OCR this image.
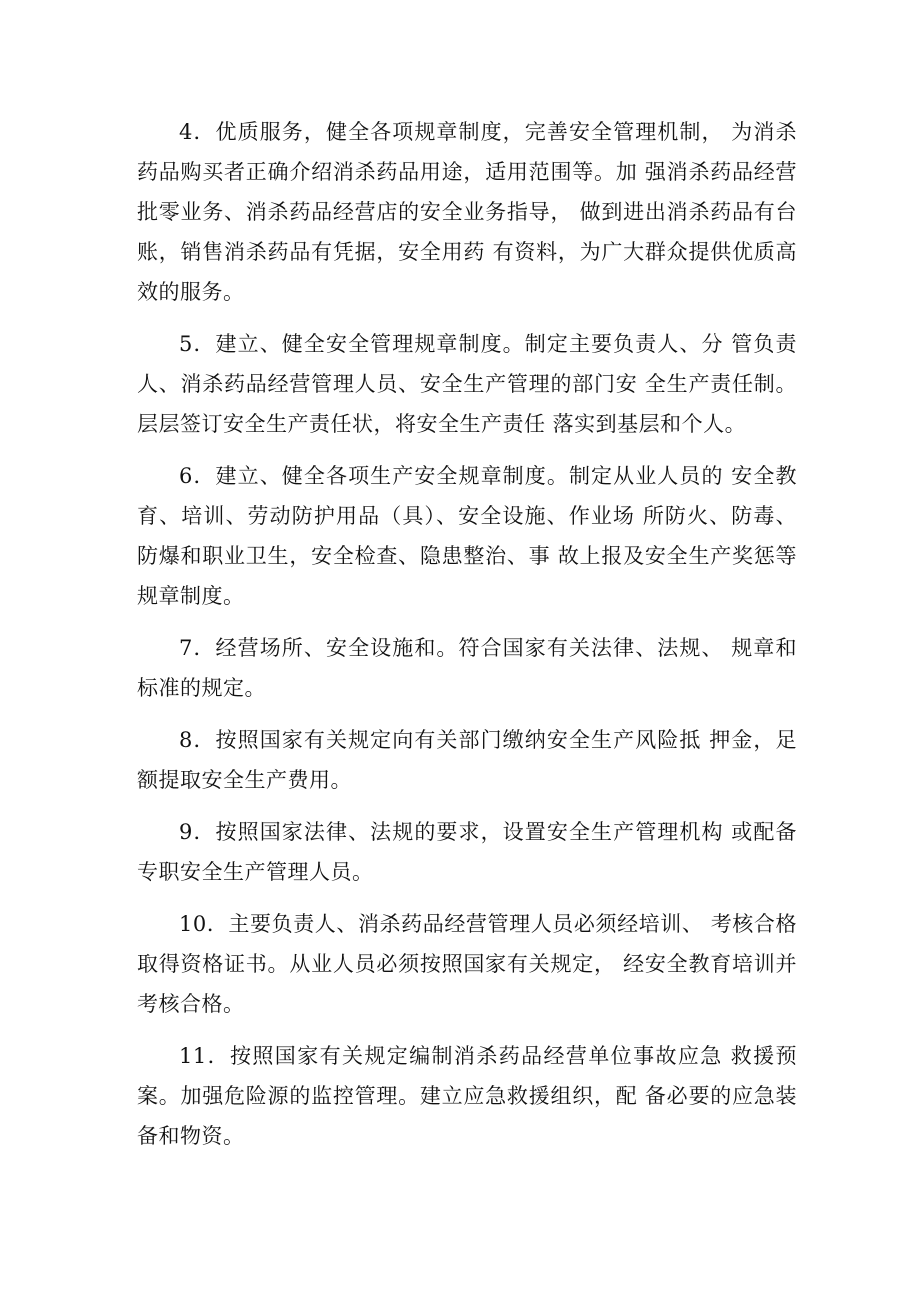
4．优质服务，健全各项规章制度，完善安全管理机制， 为消杀药品购买者正确介绍消杀药品用途，适用范围等。加 强消杀药品经营批零业务、消杀药品经营店的安全业务指导， 做到进出消杀药品有台账，销售消杀药品有凭据，安全用药 有资料，为广大群众提供优质高效的服务。

5．建立、健全安全管理规章制度。制定主要负责人、分 管负责人、消杀药品经营管理人员、安全生产管理的部门安 全生产责任制。层层签订安全生产责任状，将安全生产责任 落实到基层和个人。

6．建立、健全各项生产安全规章制度。制定从业人员的 安全教育、培训、劳动防护用品（具）、安全设施、作业场 所防火、防毒、防爆和职业卫生，安全检查、隐患整治、事 故上报及安全生产奖惩等规章制度。

7．经营场所、安全设施和。符合国家有关法律、法规、 规章和标准的规定。

8．按照国家有关规定向有关部门缴纳安全生产风险抵 押金，足额提取安全生产费用。

9．按照国家法律、法规的要求，设置安全生产管理机构 或配备专职安全生产管理人员。

10．主要负责人、消杀药品经营管理人员必须经培训、 考核合格取得资格证书。从业人员必须按照国家有关规定， 经安全教育培训并考核合格。

11．按照国家有关规定编制消杀药品经营单位事故应急 救援预案。加强危险源的监控管理。建立应急救援组织，配 备必要的应急装备和物资。
